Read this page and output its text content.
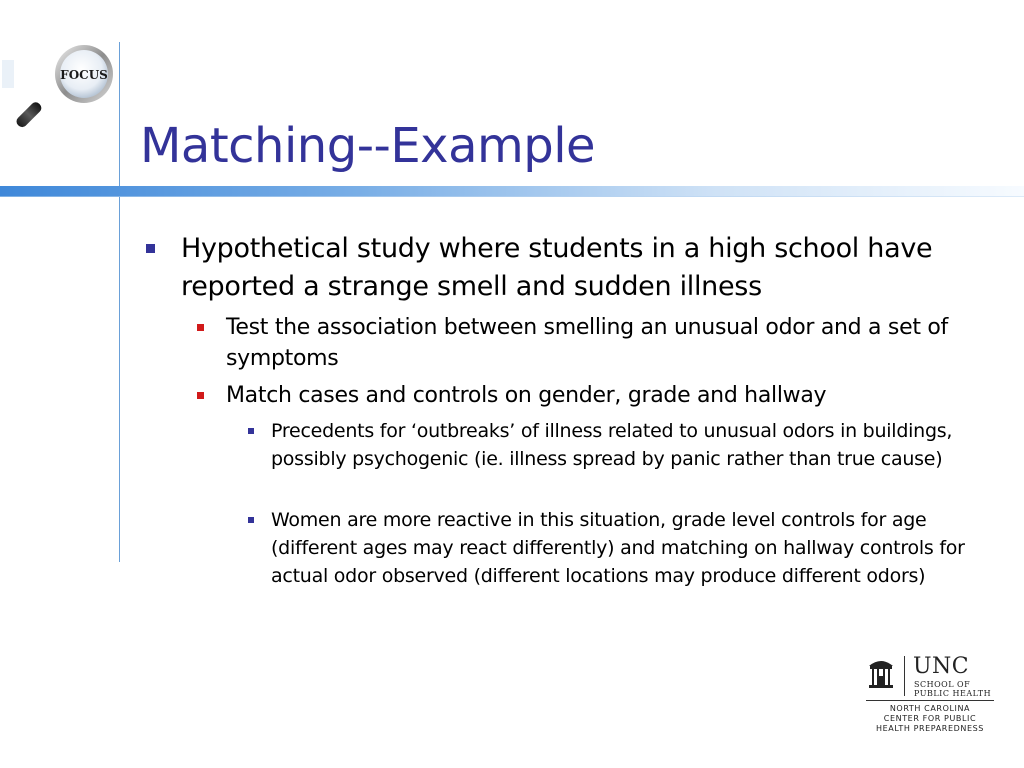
FOCUS
Matching--Example
Hypothetical study where students in a high school have reported a strange smell and sudden illness
Test the association between smelling an unusual odor and a set of symptoms
Match cases and controls on gender, grade and hallway
Precedents for ‘outbreaks’ of illness related to unusual odors in buildings, possibly psychogenic (ie. illness spread by panic rather than true cause)
Women are more reactive in this situation, grade level controls for age (different ages may react differently) and matching on hallway controls for actual odor observed (different locations may produce different odors)
UNC
SCHOOL OF
PUBLIC HEALTH
NORTH CAROLINA
CENTER FOR PUBLIC
HEALTH PREPAREDNESS
